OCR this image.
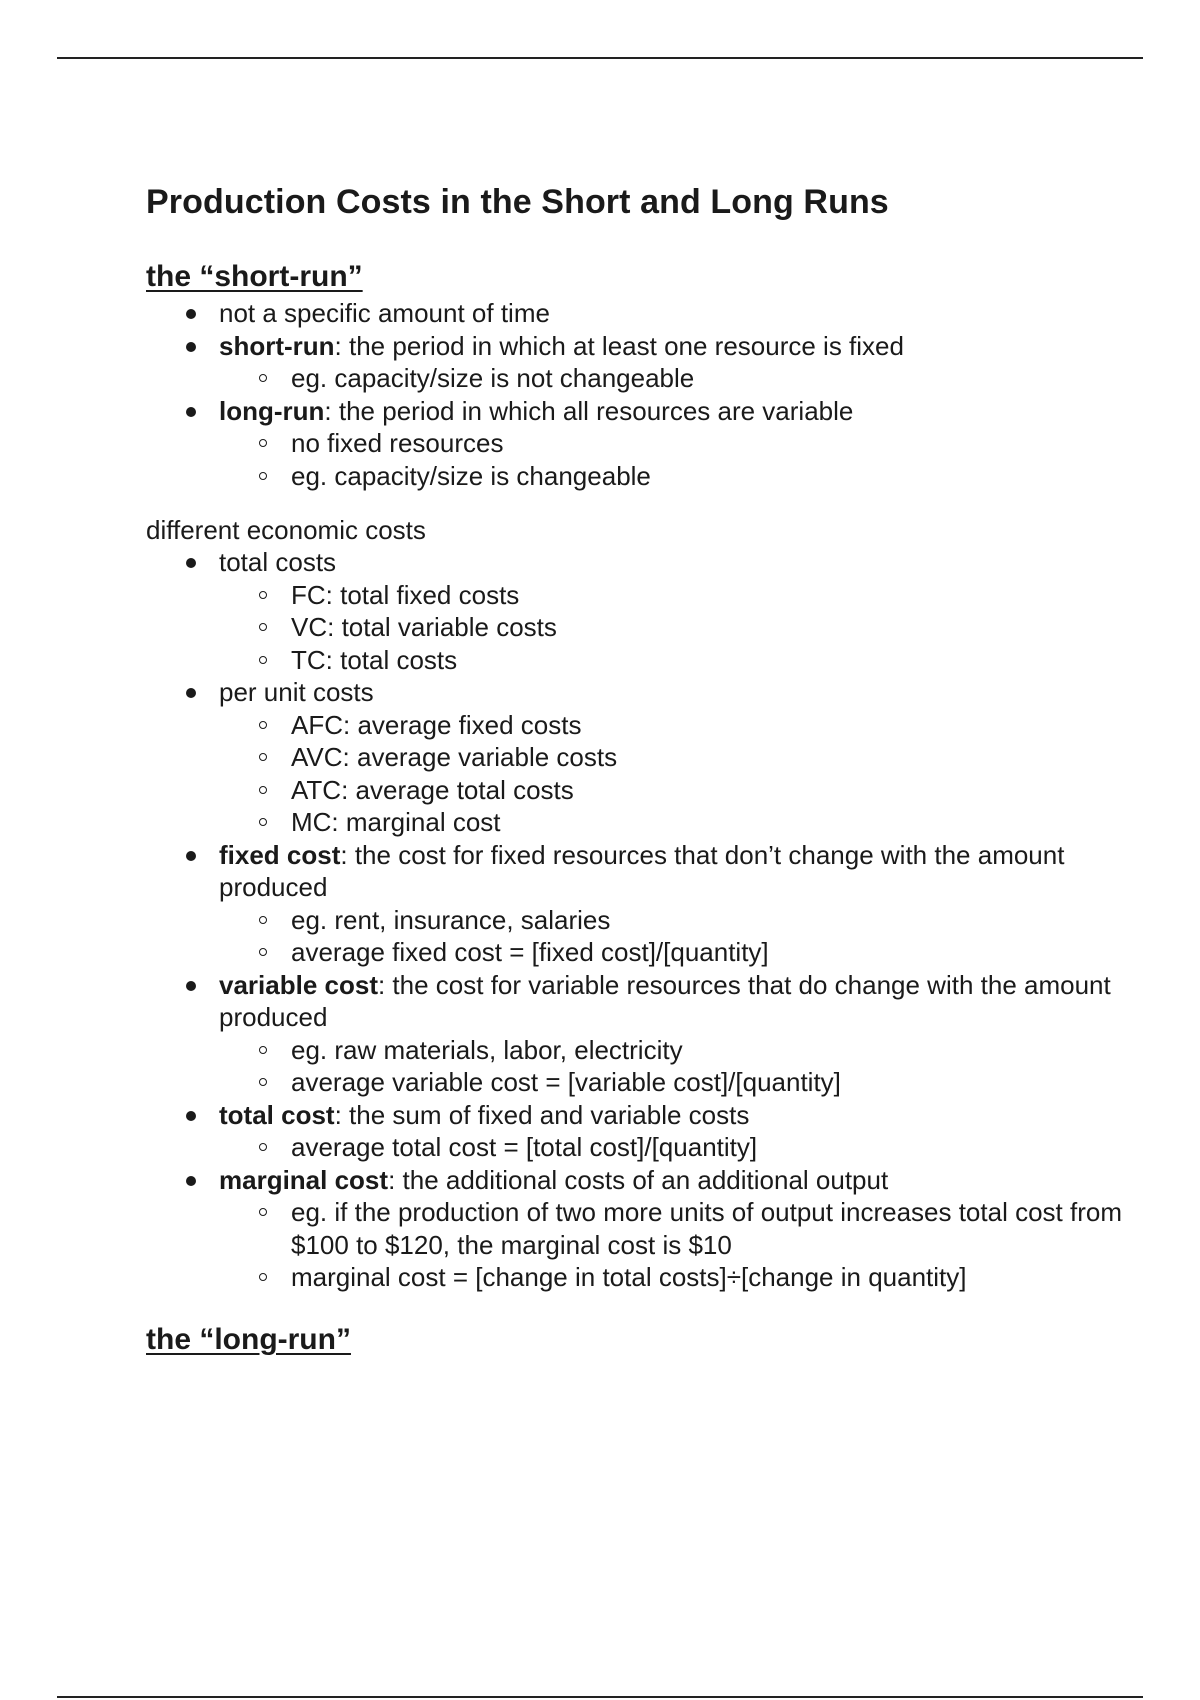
Production Costs in the Short and Long Runs
the “short-run”
not a specific amount of time
short-run: the period in which at least one resource is fixed
eg. capacity/size is not changeable
long-run: the period in which all resources are variable
no fixed resources
eg. capacity/size is changeable
different economic costs
total costs
FC: total fixed costs
VC: total variable costs
TC: total costs
per unit costs
AFC: average fixed costs
AVC: average variable costs
ATC: average total costs
MC: marginal cost
fixed cost: the cost for fixed resources that don’t change with the amount produced
eg. rent, insurance, salaries
average fixed cost = [fixed cost]/[quantity]
variable cost: the cost for variable resources that do change with the amount produced
eg. raw materials, labor, electricity
average variable cost = [variable cost]/[quantity]
total cost: the sum of fixed and variable costs
average total cost = [total cost]/[quantity]
marginal cost: the additional costs of an additional output
eg. if the production of two more units of output increases total cost from $100 to $120, the marginal cost is $10
marginal cost = [change in total costs]÷[change in quantity]
the “long-run”
